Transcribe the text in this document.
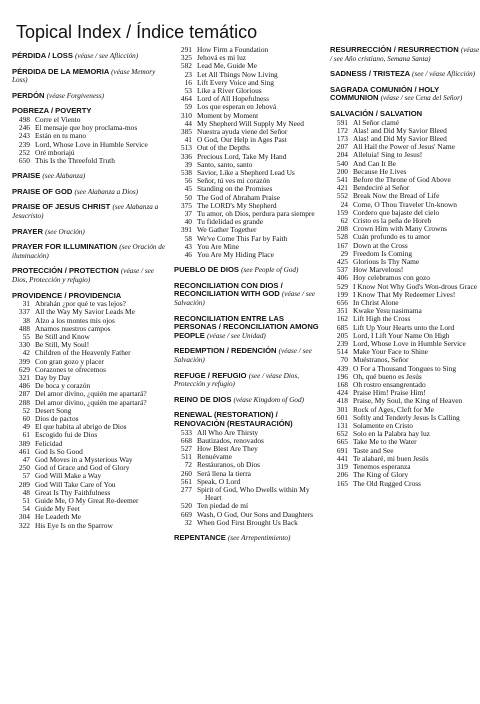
Topical Index / Índice temático
PÉRDIDA / LOSS (véase / see Aflicción)
PÉRDIDA DE LA MEMORIA (véase Memory Loss)
PERDÓN (véase Forgiveness)
POBREZA / POVERTY
498 Corre el Viento
246 El mensaje que hoy proclama-mos
243 Están en tu mano
239 Lord, Whose Love in Humble Service
252 Oré mboriajú
650 This Is the Threefold Truth
PRAISE (see Alabanza)
PRAISE OF GOD (see Alabanza a Dios)
PRAISE OF JESUS CHRIST (see Alabanza a Jesucristo)
PRAYER (see Oración)
PRAYER FOR ILLUMINATION (see Oración de iluminación)
PROTECCIÓN / PROTECTION (véase / see Dios, Protección y refugio)
PROVIDENCE / PROVIDENCIA
31 Abrahán ¿por qué te vas lejos?
337 All the Way My Savior Leads Me
38 Alzo a los montes mis ojos
488 Anamos nuestros campos
55 Be Still and Know
330 Be Still, My Soul!
42 Children of the Heavenly Father
399 Con gran gozo y placer
629 Corazones te ofrecemos
321 Day by Day
486 De boca y corazón
287 Del amor divino, ¿quién me apartará?
288 Del amor divino, ¿quién me apartará?
52 Desert Song
60 Dios de pactos
49 El que habita al abrigo de Dios
61 Escogido fui de Dios
389 Felicidad
461 God Is So Good
47 God Moves in a Mysterious Way
250 God of Grace and God of Glory
57 God Will Make a Way
289 God Will Take Care of You
48 Great Is Thy Faithfulness
51 Guide Me, O My Great Re-deemer
54 Guide My Feet
304 He Leadeth Me
322 His Eye Is on the Sparrow
291 How Firm a Foundation
325 Jehová es mi luz
582 Lead Me, Guide Me
23 Let All Things Now Living
16 Lift Every Voice and Sing
53 Like a River Glorious
464 Lord of All Hopefulness
59 Los que esperan en Jehová
310 Moment by Moment
44 My Shepherd Will Supply My Need
385 Nuestra ayuda viene del Señor
41 O God, Our Help in Ages Past
513 Out of the Depths
336 Precious Lord, Take My Hand
39 Santo, santo, santo
538 Savior, Like a Shepherd Lead Us
56 Señor, tú ves mi corazón
45 Standing on the Promises
50 The God of Abraham Praise
375 The LORD's My Shepherd
37 Tu amor, oh Dios, perdura para siempre
40 Tu fidelidad es grande
391 We Gather Together
58 We've Come This Far by Faith
43 You Are Mine
46 You Are My Hiding Place
PUEBLO DE DIOS (see People of God)
RECONCILIATION CON DIOS / RECONCILIATION WITH GOD (véase / see Salvación)
RECONCILIATION ENTRE LAS PERSONAS / RECONCILIATION AMONG PEOPLE (véase / see Unidad)
REDEMPTION / REDENCIÓN (véase / see Salvación)
REFUGE / REFUGIO (see / véase Dios, Protección y refugio)
REINO DE DIOS (véase Kingdom of God)
RENEWAL (RESTORATION) / RENOVACIÓN (RESTAURACIÓN)
533 All Who Are Thirsty
668 Bautizados, renovados
527 How Blest Are They
511 Renuévame
72 Restáuranos, oh Dios
260 Será llena la tierra
561 Speak, O Lord
277 Spirit of God, Who Dwells within My Heart
520 Ten piedad de mí
669 Wash, O God, Our Sons and Daughters
32 When God First Brought Us Back
REPENTANCE (see Arrepentimiento)
RESURRECCIÓN / RESURRECTION (véase / see Año cristiano, Semana Santa)
SADNESS / TRISTEZA (see / véase Aflicción)
SAGRADA COMUNIÓN / HOLY COMMUNION (véase / see Cena del Señor)
SALVACIÓN / SALVATION
591 Al Señor clamé
172 Alas! and Did My Savior Bleed
173 Alas! and Did My Savior Bleed
207 All Hail the Power of Jesus' Name
204 Alleluia! Sing to Jesus!
540 And Can It Be
200 Because He Lives
541 Before the Throne of God Above
421 Bendeciré al Señor
552 Break Now the Bread of Life
24 Come, O Thou Traveler Un-known
159 Cordero que bajaste del cielo
62 Cristo es la peña de Horeb
208 Crown Him with Many Crowns
528 Cuán profundo es tu amor
167 Down at the Cross
29 Freedom Is Coming
425 Glorious Is Thy Name
537 How Marvelous!
406 Hoy celebramos con gozo
529 I Know Not Why God's Won-drous Grace
199 I Know That My Redeemer Lives!
656 In Christ Alone
351 Kwake Yesu nasimama
162 Lift High the Cross
685 Lift Up Your Hearts unto the Lord
205 Lord, I Lift Your Name On High
239 Lord, Whose Love in Humble Service
514 Make Your Face to Shine
70 Muéstranos, Señor
439 O For a Thousand Tongues to Sing
196 Oh, qué bueno es Jesús
168 Oh rostro ensangrentado
424 Praise Him! Praise Him!
418 Praise, My Soul, the King of Heaven
301 Rock of Ages, Cleft for Me
601 Softly and Tenderly Jesus Is Calling
131 Solamente en Cristo
652 Solo en la Palabra hay luz
665 Take Me to the Water
691 Taste and See
441 Te alabaré, mi buen Jesús
319 Tenemos esperanza
206 The King of Glory
165 The Old Rugged Cross
